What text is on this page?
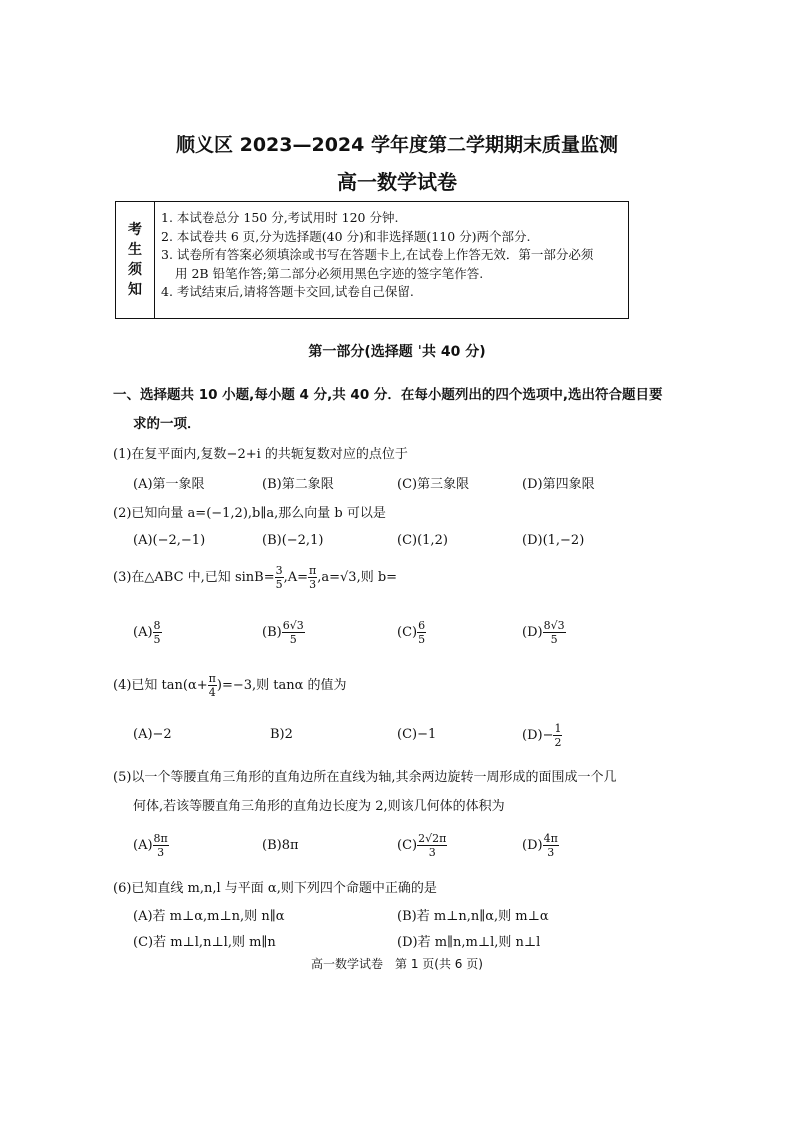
顺义区 2023—2024 学年度第二学期期末质量监测
高一数学试卷
考
生
须
知
1. 本试卷总分 150 分,考试用时 120 分钟.
2. 本试卷共 6 页,分为选择题(40 分)和非选择题(110 分)两个部分.
3. 试卷所有答案必须填涂或书写在答题卡上,在试卷上作答无效．第一部分必须
用 2B 铅笔作答;第二部分必须用黑色字迹的签字笔作答.
4. 考试结束后,请将答题卡交回,试卷自己保留.
第一部分(选择题 ˈ共 40 分)
一、选择题共 10 小题,每小题 4 分,共 40 分．在每小题列出的四个选项中,选出符合题目要
求的一项．
(1)在复平面内,复数−2+i 的共轭复数对应的点位于
(A)第一象限	(B)第二象限	(C)第三象限	(D)第四象限
(2)已知向量 a=(−1,2),b∥a,那么向量 b 可以是
(A)(−2,−1)	(B)(−2,1)	(C)(1,2)	(D)(1,−2)
(3)在△ABC 中,已知 $\sin B= \frac{3}{5} ,A= \frac{\pi}{3} ,a=√3$,则 b=
$(A) \frac{8}{5}$	$(B) \frac{6√3}{5}$	$(C) \frac{6}{5}$	$(D) \frac{8√3}{5}$
(4)已知 $\tan(\alpha+ \frac{\pi}{4} )=-3$,则 tanα 的值为
(A)−2	B)2	(C)−1	$(D)- \frac{1}{2}$
(5)以一个等腰直角三角形的直角边所在直线为轴,其余两边旋转一周形成的面围成一个几
何体,若该等腰直角三角形的直角边长度为 2,则该几何体的体积为
$(A) \frac{8\pi}{3}$	(B)8π	$(C) \frac{2√2\pi}{3}$	$(D) \frac{4\pi}{3}$
(6)已知直线 m,n,l 与平面 α,则下列四个命题中正确的是
(A)若 m⊥α,m⊥n,则 n∥α	(B)若 m⊥n,n∥α,则 m⊥α
(C)若 m⊥l,n⊥l,则 m∥n	(D)若 m∥n,m⊥l,则 n⊥l
高一数学试卷　第 1 页(共 6 页)
